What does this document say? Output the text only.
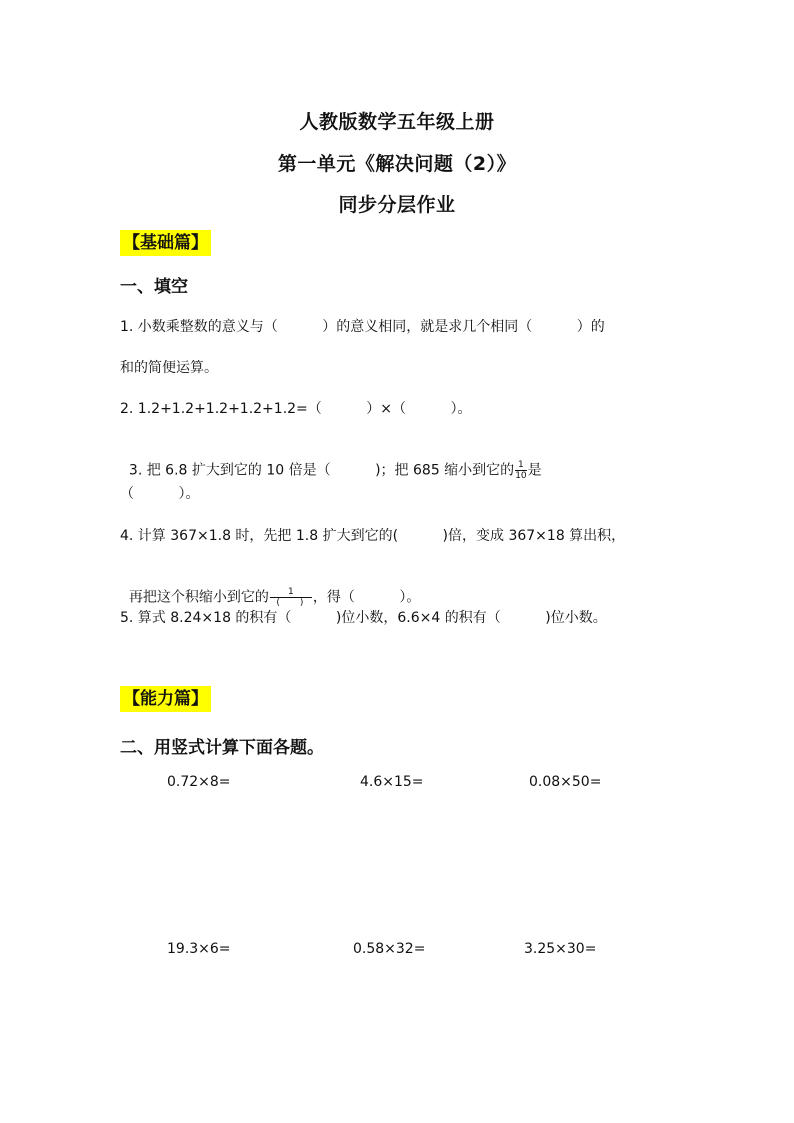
人教版数学五年级上册
第一单元《解决问题（2）》
同步分层作业
【基础篇】
一、填空
1. 小数乘整数的意义与（          ）的意义相同，就是求几个相同（          ）的
和的简便运算。
2. 1.2+1.2+1.2+1.2+1.2=（          ）×（          ）。

3. 把 6.8 扩大到它的 10 倍是（          )；把 685 缩小到它的 $\frac{1}{10}$ 是

（          ）。
4. 计算 367×1.8 时，先把 1.8 扩大到它的(          )倍，变成 367×18 算出积，

再把这个积缩小到它的 $\frac{1}{( )}$ ，得（          ）。

5. 算式 8.24×18 的积有（          )位小数，6.6×4 的积有（          )位小数。
【能力篇】
二、用竖式计算下面各题。
0.72×8=	4.6×15=	0.08×50=
19.3×6=	0.58×32=	3.25×30=
